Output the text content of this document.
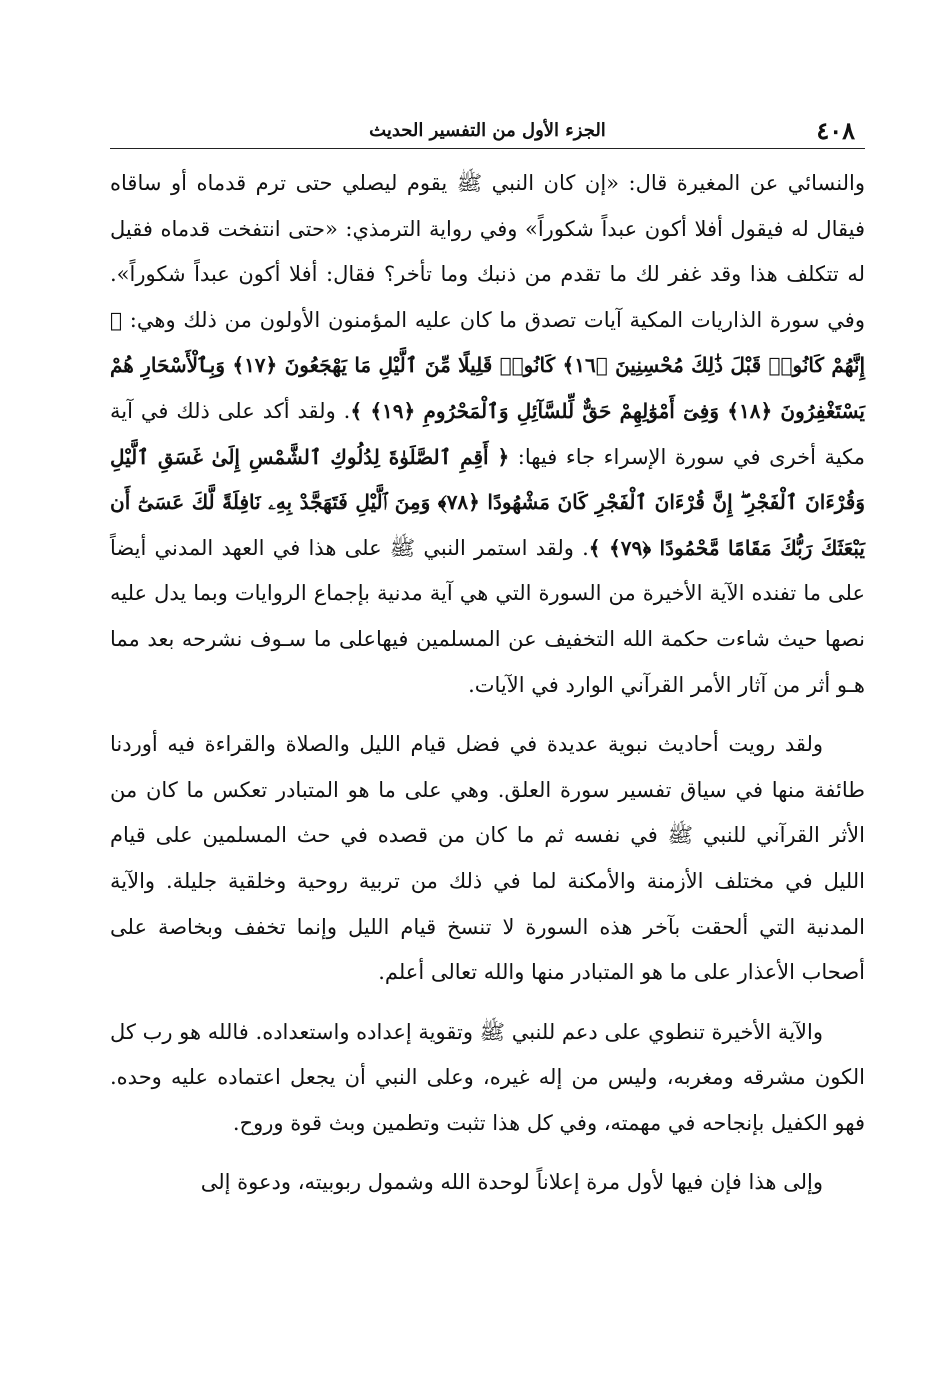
٤٠٨
الجزء الأول من التفسير الحديث

والنسائي عن المغيرة قال: «إن كان النبي ﷺ يقوم ليصلي حتى ترم قدماه أو ساقاه فيقال له فيقول أفلا أكون عبداً شكوراً» وفي رواية الترمذي: «حتى انتفخت قدماه فقيل له تتكلف هذا وقد غفر لك ما تقدم من ذنبك وما تأخر؟ فقال: أفلا أكون عبداً شكوراً». وفي سورة الذاريات المكية آيات تصدق ما كان عليه المؤمنون الأولون من ذلك وهي: ﴿ إِنَّهُمْ كَانُوا۟ قَبْلَ ذَٰلِكَ مُحْسِنِينَ ﴿١٦﴾ كَانُوا۟ قَلِيلًا مِّنَ ٱلَّيْلِ مَا يَهْجَعُونَ ﴿١٧﴾ وَبِٱلْأَسْحَارِ هُمْ يَسْتَغْفِرُونَ ﴿١٨﴾ وَفِىٓ أَمْوَٰلِهِمْ حَقٌّ لِّلسَّآئِلِ وَٱلْمَحْرُومِ ﴿١٩﴾ ﴾. ولقد أكد على ذلك في آية مكية أخرى في سورة الإسراء جاء فيها: ﴿ أَقِمِ ٱلصَّلَوٰةَ لِدُلُوكِ ٱلشَّمْسِ إِلَىٰ غَسَقِ ٱلَّيْلِ وَقُرْءَانَ ٱلْفَجْرِ ۖ إِنَّ قُرْءَانَ ٱلْفَجْرِ كَانَ مَشْهُودًا ﴿٧٨﴾ وَمِنَ ٱلَّيْلِ فَتَهَجَّدْ بِهِۦ نَافِلَةً لَّكَ عَسَىٰٓ أَن يَبْعَثَكَ رَبُّكَ مَقَامًا مَّحْمُودًا ﴿٧٩﴾ ﴾. ولقد استمر النبي ﷺ على هذا في العهد المدني أيضاً على ما تفنده الآية الأخيرة من السورة التي هي آية مدنية بإجماع الروايات وبما يدل عليه نصها حيث شاءت حكمة الله التخفيف عن المسلمين فيهاعلى ما سـوف نشرحه بعد مما هـو أثر من آثار الأمر القرآني الوارد في الآيات.

ولقد رويت أحاديث نبوية عديدة في فضل قيام الليل والصلاة والقراءة فيه أوردنا طائفة منها في سياق تفسير سورة العلق. وهي على ما هو المتبادر تعكس ما كان من الأثر القرآني للنبي ﷺ في نفسه ثم ما كان من قصده في حث المسلمين على قيام الليل في مختلف الأزمنة والأمكنة لما في ذلك من تربية روحية وخلقية جليلة. والآية المدنية التي ألحقت بآخر هذه السورة لا تنسخ قيام الليل وإنما تخفف وبخاصة على أصحاب الأعذار على ما هو المتبادر منها والله تعالى أعلم.

والآية الأخيرة تنطوي على دعم للنبي ﷺ وتقوية إعداده واستعداده. فالله هو رب كل الكون مشرقه ومغربه، وليس من إله غيره، وعلى النبي أن يجعل اعتماده عليه وحده. فهو الكفيل بإنجاحه في مهمته، وفي كل هذا تثبت وتطمين وبث قوة وروح.

وإلى هذا فإن فيها لأول مرة إعلاناً لوحدة الله وشمول ربوبيته، ودعوة إلى
